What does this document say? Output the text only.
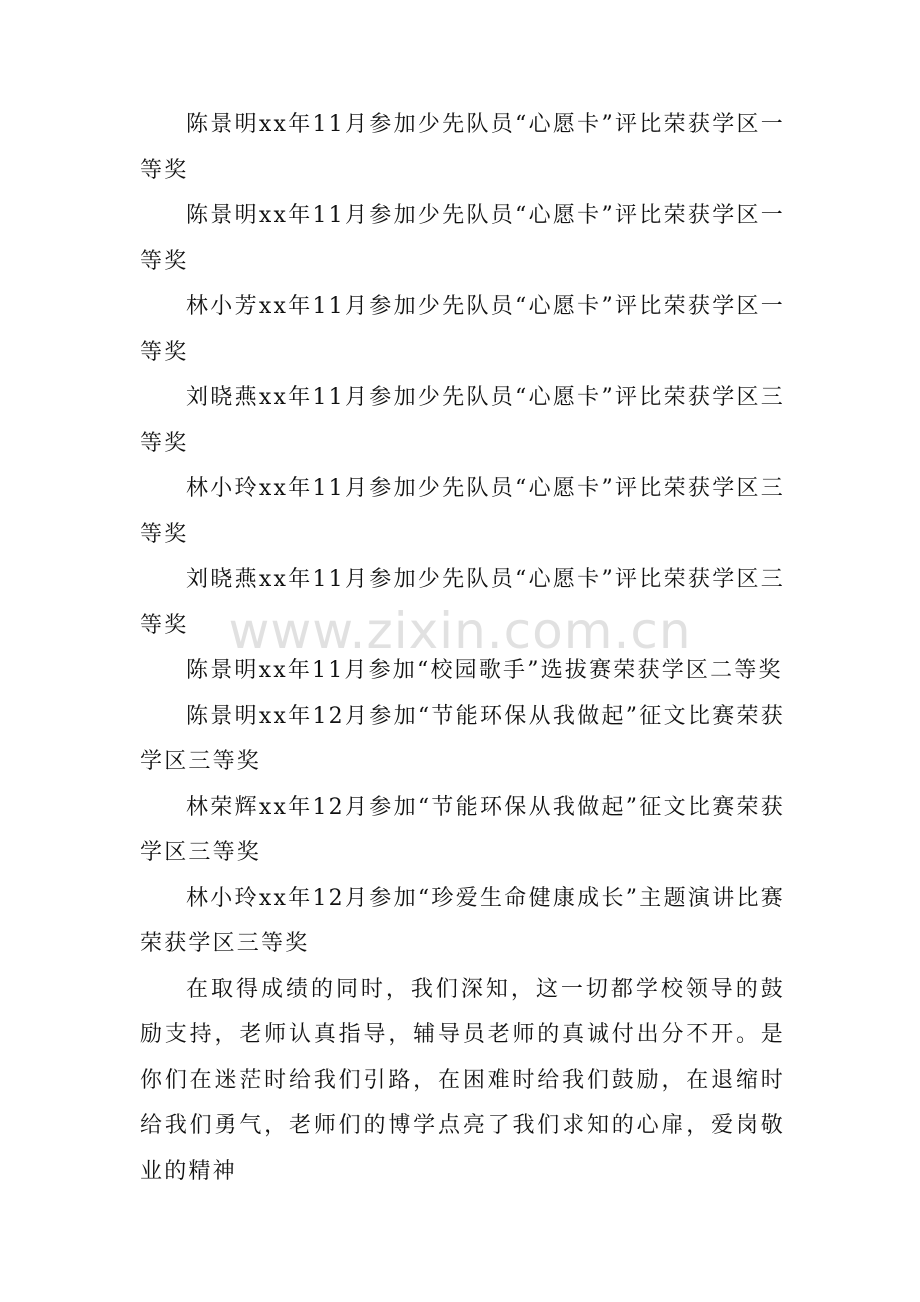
陈景明xx年11月参加少先队员“心愿卡”评比荣获学区一等奖

陈景明xx年11月参加少先队员“心愿卡”评比荣获学区一等奖

林小芳xx年11月参加少先队员“心愿卡”评比荣获学区一等奖

刘晓燕xx年11月参加少先队员“心愿卡”评比荣获学区三等奖

林小玲xx年11月参加少先队员“心愿卡”评比荣获学区三等奖

刘晓燕xx年11月参加少先队员“心愿卡”评比荣获学区三等奖

陈景明xx年11月参加“校园歌手”选拔赛荣获学区二等奖

陈景明xx年12月参加“节能环保从我做起”征文比赛荣获学区三等奖

林荣辉xx年12月参加“节能环保从我做起”征文比赛荣获学区三等奖

林小玲xx年12月参加“珍爱生命健康成长”主题演讲比赛荣获学区三等奖

在取得成绩的同时，我们深知，这一切都学校领导的鼓励支持，老师认真指导，辅导员老师的真诚付出分不开。是你们在迷茫时给我们引路，在困难时给我们鼓励，在退缩时给我们勇气，老师们的博学点亮了我们求知的心扉，爱岗敬业的精神

www.zixin.com.cn
